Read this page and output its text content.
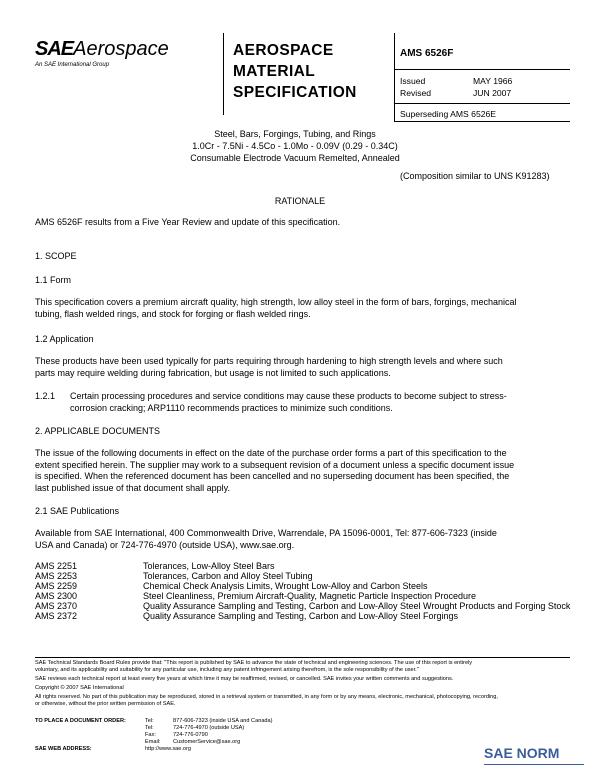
SAEAerospace
An SAE International Group
AEROSPACE
MATERIAL
SPECIFICATION
AMS 6526F
Issued	MAY 1966
Revised	JUN 2007
Superseding AMS 6526E
Steel, Bars, Forgings, Tubing, and Rings
1.0Cr - 7.5Ni - 4.5Co - 1.0Mo - 0.09V (0.29 - 0.34C)
Consumable Electrode Vacuum Remelted, Annealed
(Composition similar to UNS K91283)
RATIONALE
AMS 6526F results from a Five Year Review and update of this specification.
1. SCOPE
1.1 Form
This specification covers a premium aircraft quality, high strength, low alloy steel in the form of bars, forgings, mechanical
tubing, flash welded rings, and stock for forging or flash welded rings.
1.2 Application
These products have been used typically for parts requiring through hardening to high strength levels and where such
parts may require welding during fabrication, but usage is not limited to such applications.
1.2.1 Certain processing procedures and service conditions may cause these products to become subject to stress-
corrosion cracking; ARP1110 recommends practices to minimize such conditions.
2. APPLICABLE DOCUMENTS
The issue of the following documents in effect on the date of the purchase order forms a part of this specification to the
extent specified herein. The supplier may work to a subsequent revision of a document unless a specific document issue
is specified. When the referenced document has been cancelled and no superseding document has been specified, the
last published issue of that document shall apply.
2.1 SAE Publications
Available from SAE International, 400 Commonwealth Drive, Warrendale, PA 15096-0001, Tel: 877-606-7323 (inside
USA and Canada) or 724-776-4970 (outside USA), www.sae.org.
AMS 2251	Tolerances, Low-Alloy Steel Bars
AMS 2253	Tolerances, Carbon and Alloy Steel Tubing
AMS 2259	Chemical Check Analysis Limits, Wrought Low-Alloy and Carbon Steels
AMS 2300	Steel Cleanliness, Premium Aircraft-Quality, Magnetic Particle Inspection Procedure
AMS 2370	Quality Assurance Sampling and Testing, Carbon and Low-Alloy Steel Wrought Products and Forging Stock
AMS 2372	Quality Assurance Sampling and Testing, Carbon and Low-Alloy Steel Forgings
SAE Technical Standards Board Rules provide that: "This report is published by SAE to advance the state of technical and engineering sciences. The use of this report is entirely
voluntary, and its applicability and suitability for any particular use, including any patent infringement arising therefrom, is the sole responsibility of the user."
SAE reviews each technical report at least every five years at which time it may be reaffirmed, revised, or cancelled. SAE invites your written comments and suggestions.
Copyright © 2007 SAE International
All rights reserved. No part of this publication may be reproduced, stored in a retrieval system or transmitted, in any form or by any means, electronic, mechanical, photocopying, recording,
or otherwise, without the prior written permission of SAE.
TO PLACE A DOCUMENT ORDER:	Tel:	877-606-7323 (inside USA and Canada)
	Tel:	724-776-4970 (outside USA)
	Fax:	724-776-0790
	Email:	CustomerService@sae.org
SAE WEB ADDRESS:	http://www.sae.org		SAE NORM
